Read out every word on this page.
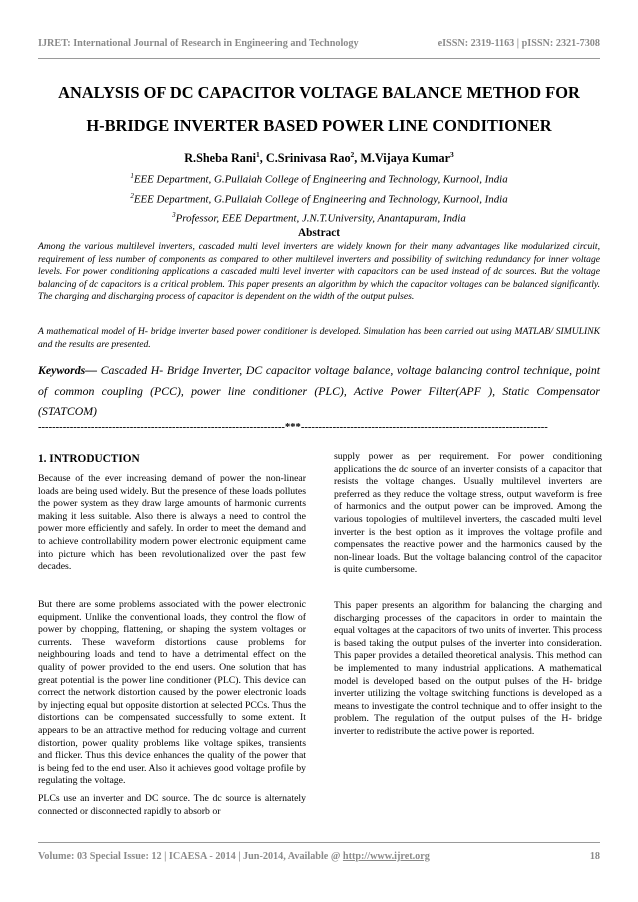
IJRET: International Journal of Research in Engineering and Technology	eISSN: 2319-1163 | pISSN: 2321-7308
ANALYSIS OF DC CAPACITOR VOLTAGE BALANCE METHOD FOR
H-BRIDGE INVERTER BASED POWER LINE CONDITIONER
R.Sheba Rani$^1$, C.Srinivasa Rao$^2$, M.Vijaya Kumar$^3$
$^1$EEE Department, G.Pullaiah College of Engineering and Technology, Kurnool, India
$^2$EEE Department, G.Pullaiah College of Engineering and Technology, Kurnool, India
$^3$Professor, EEE Department, J.N.T.University, Anantapuram, India
Abstract

Among the various multilevel inverters, cascaded multi level inverters are widely known for their many advantages like modularized circuit, requirement of less number of components as compared to other multilevel inverters and possibility of switching redundancy for inner voltage levels. For power conditioning applications a cascaded multi level inverter with capacitors can be used instead of dc sources. But the voltage balancing of dc capacitors is a critical problem. This paper presents an algorithm by which the capacitor voltages can be balanced significantly. The charging and discharging process of capacitor is dependent on the width of the output pulses.

A mathematical model of H- bridge inverter based power conditioner is developed. Simulation has been carried out using MATLAB/ SIMULINK and the results are presented.

Keywords— Cascaded H- Bridge Inverter, DC capacitor voltage balance, voltage balancing control technique, point of common coupling (PCC), power line conditioner (PLC), Active Power Filter(APF ), Static Compensator (STATCOM)

----------------------------------------------------------------------***----------------------------------------------------------------------
1. INTRODUCTION

Because of the ever increasing demand of power the non-linear loads are being used widely. But the presence of these loads pollutes the power system as they draw large amounts of harmonic currents making it less suitable. Also there is always a need to control the power more efficiently and safely. In order to meet the demand and to achieve controllability modern power electronic equipment came into picture which has been revolutionalized over the past few decades.

But there are some problems associated with the power electronic equipment. Unlike the conventional loads, they control the flow of power by chopping, flattening, or shaping the system voltages or currents. These waveform distortions cause problems for neighbouring loads and tend to have a detrimental effect on the quality of power provided to the end users. One solution that has great potential is the power line conditioner (PLC). This device can correct the network distortion caused by the power electronic loads by injecting equal but opposite distortion at selected PCCs. Thus the distortions can be compensated successfully to some extent. It appears to be an attractive method for reducing voltage and current distortion, power quality problems like voltage spikes, transients and flicker. Thus this device enhances the quality of the power that is being fed to the end user. Also it achieves good voltage profile by regulating the voltage.

PLCs use an inverter and DC source. The dc source is alternately connected or disconnected rapidly to absorb or

supply power as per requirement. For power conditioning applications the dc source of an inverter consists of a capacitor that resists the voltage changes. Usually multilevel inverters are preferred as they reduce the voltage stress, output waveform is free of harmonics and the output power can be improved. Among the various topologies of multilevel inverters, the cascaded multi level inverter is the best option as it improves the voltage profile and compensates the reactive power and the harmonics caused by the non-linear loads. But the voltage balancing control of the capacitor is quite cumbersome.

This paper presents an algorithm for balancing the charging and discharging processes of the capacitors in order to maintain the equal voltages at the capacitors of two units of inverter. This process is based taking the output pulses of the inverter into consideration. This paper provides a detailed theoretical analysis. This method can be implemented to many industrial applications. A mathematical model is developed based on the output pulses of the H- bridge inverter utilizing the voltage switching functions is developed as a means to investigate the control technique and to offer insight to the problem. The regulation of the output pulses of the H- bridge inverter to redistribute the active power is reported.

Volume: 03 Special Issue: 12 | ICAESA - 2014 | Jun-2014, Available @ http://www.ijret.org	18
